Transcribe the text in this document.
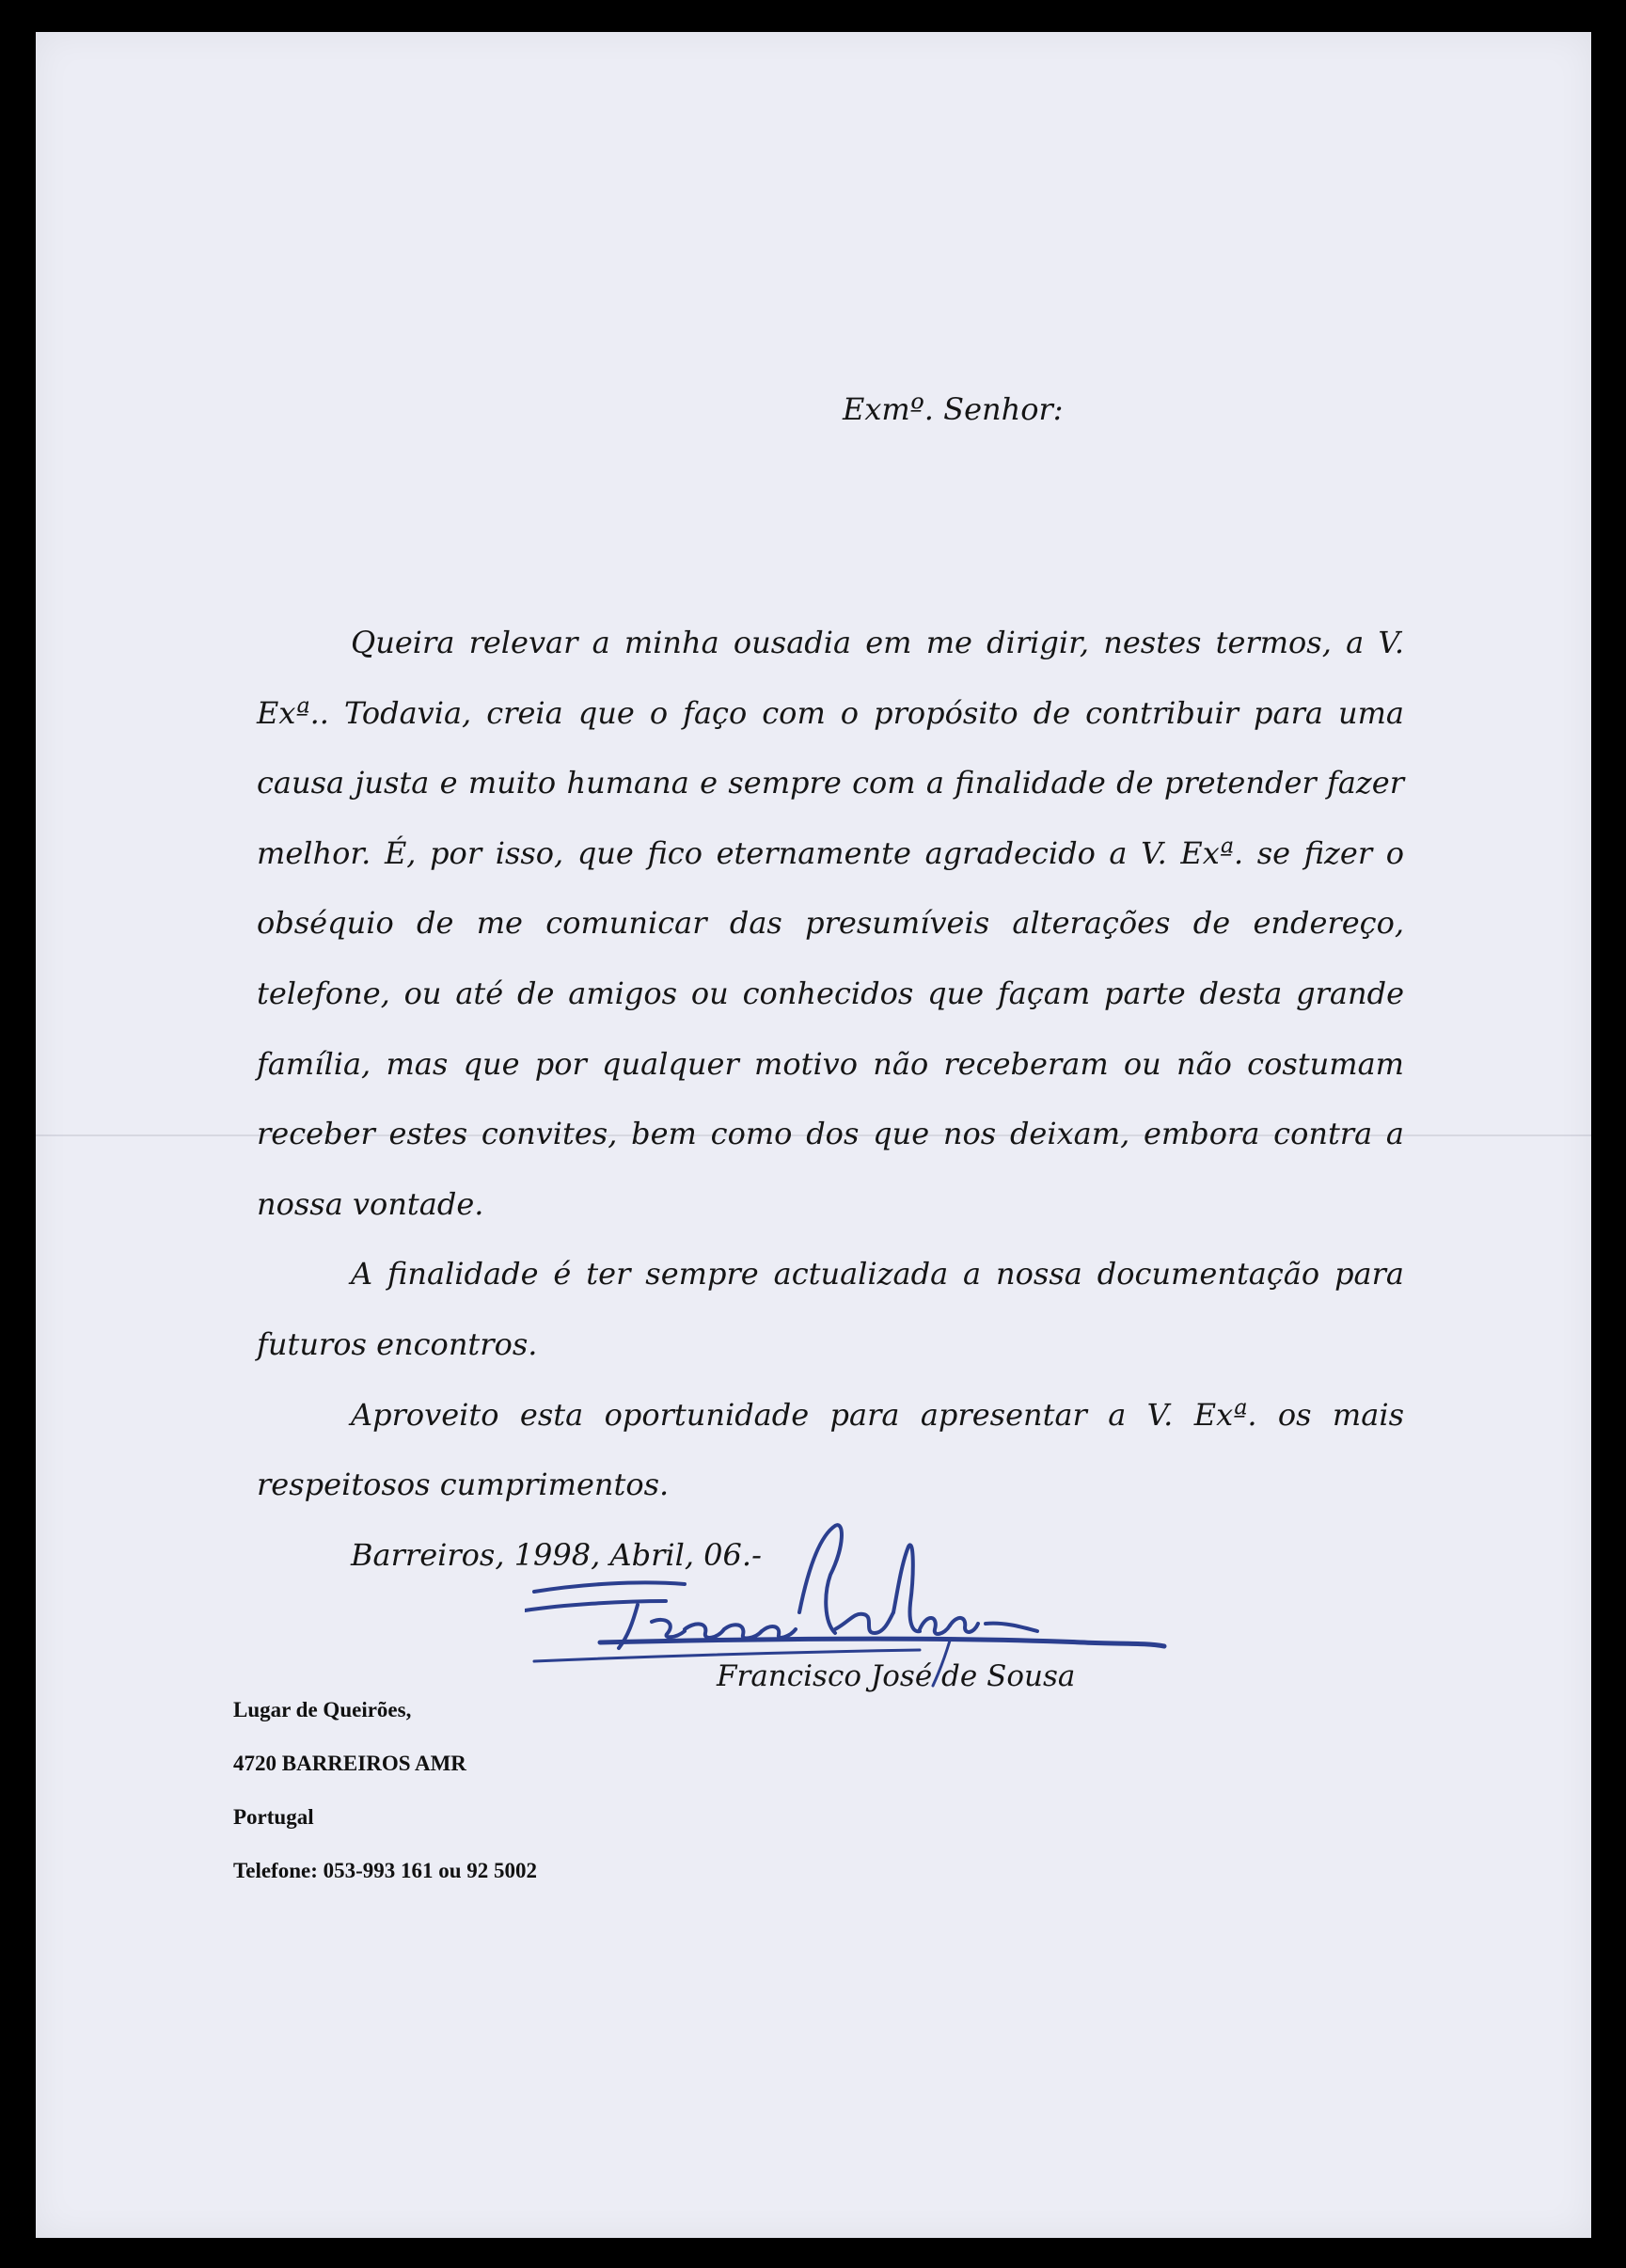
Exmº. Senhor:

Queira relevar a minha ousadia em me dirigir, nestes termos, a V. Exª.. Todavia, creia que o faço com o propósito de contribuir para uma causa justa e muito humana e sempre com a finalidade de pretender fazer melhor. É, por isso, que fico eternamente agradecido a V. Exª. se fizer o obséquio de me comunicar das presumíveis alterações de endereço, telefone, ou até de amigos ou conhecidos que façam parte desta grande família, mas que por qualquer motivo não receberam ou não costumam receber estes convites, bem como dos que nos deixam, embora contra a nossa vontade.

A finalidade é ter sempre actualizada a nossa documentação para futuros encontros.

Aproveito esta oportunidade para apresentar a V. Exª. os mais respeitosos cumprimentos.

Barreiros, 1998, Abril, 06.-

Francisco José de Sousa
Lugar de Queirões,
4720 BARREIROS AMR
Portugal
Telefone: 053-993 161 ou 92 5002
